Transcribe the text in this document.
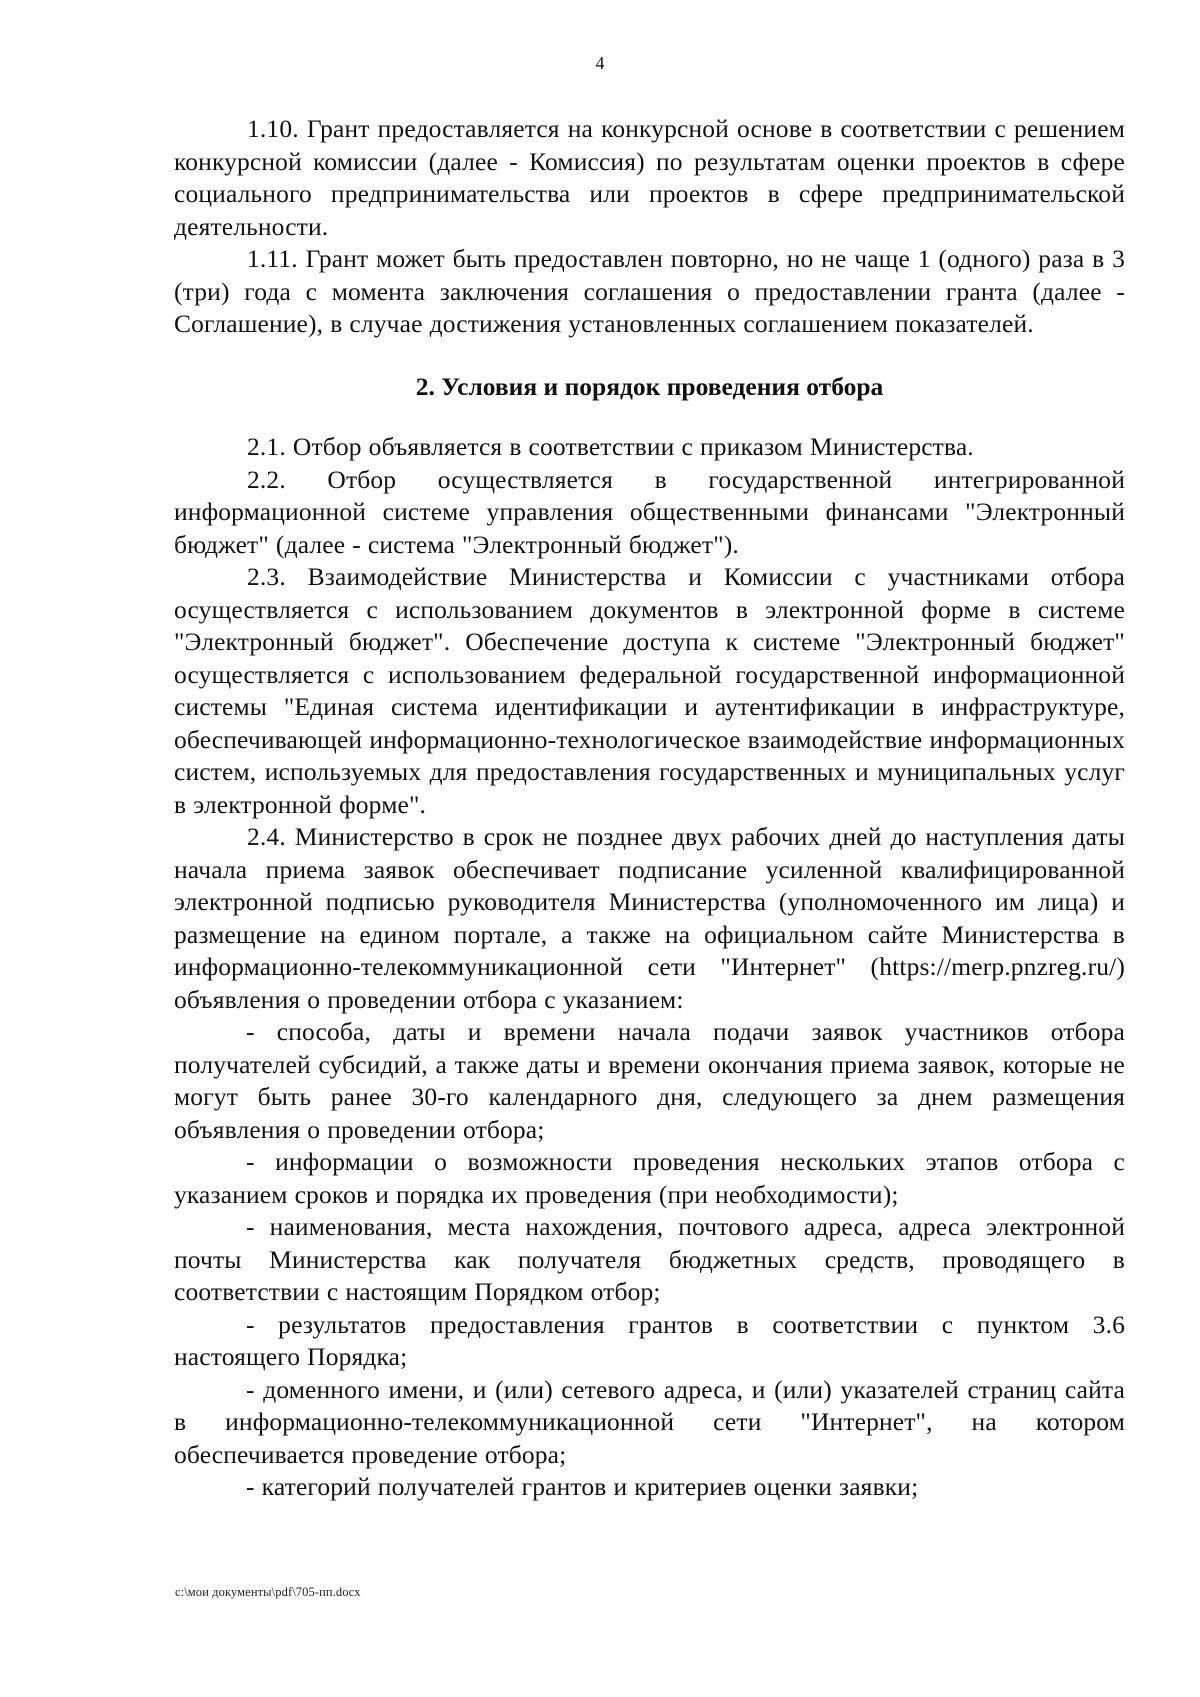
4

1.10. Грант предоставляется на конкурсной основе в соответствии с решением конкурсной комиссии (далее - Комиссия) по результатам оценки проектов в сфере социального предпринимательства или проектов в сфере предпринимательской деятельности.

1.11. Грант может быть предоставлен повторно, но не чаще 1 (одного) раза в 3 (три) года с момента заключения соглашения о предоставлении гранта (далее - Соглашение), в случае достижения установленных соглашением показателей.

2. Условия и порядок проведения отбора

2.1. Отбор объявляется в соответствии с приказом Министерства.

2.2. Отбор осуществляется в государственной интегрированной информационной системе управления общественными финансами "Электронный бюджет" (далее - система "Электронный бюджет").

2.3. Взаимодействие Министерства и Комиссии с участниками отбора осуществляется с использованием документов в электронной форме в системе "Электронный бюджет". Обеспечение доступа к системе "Электронный бюджет" осуществляется с использованием федеральной государственной информационной системы "Единая система идентификации и аутентификации в инфраструктуре, обеспечивающей информационно-технологическое взаимодействие информационных систем, используемых для предоставления государственных и муниципальных услуг в электронной форме".

2.4. Министерство в срок не позднее двух рабочих дней до наступления даты начала приема заявок обеспечивает подписание усиленной квалифицированной электронной подписью руководителя Министерства (уполномоченного им лица) и размещение на едином портале, а также на официальном сайте Министерства в информационно-телекоммуникационной сети "Интернет" (https://merp.pnzreg.ru/) объявления о проведении отбора с указанием:

- способа, даты и времени начала подачи заявок участников отбора получателей субсидий, а также даты и времени окончания приема заявок, которые не могут быть ранее 30-го календарного дня, следующего за днем размещения объявления о проведении отбора;

- информации о возможности проведения нескольких этапов отбора с указанием сроков и порядка их проведения (при необходимости);

- наименования, места нахождения, почтового адреса, адреса электронной почты Министерства как получателя бюджетных средств, проводящего в соответствии с настоящим Порядком отбор;

- результатов предоставления грантов в соответствии с пунктом 3.6 настоящего Порядка;

- доменного имени, и (или) сетевого адреса, и (или) указателей страниц сайта в информационно-телекоммуникационной сети "Интернет", на котором обеспечивается проведение отбора;

- категорий получателей грантов и критериев оценки заявки;

c:\мои документы\pdf\705-пп.docx
